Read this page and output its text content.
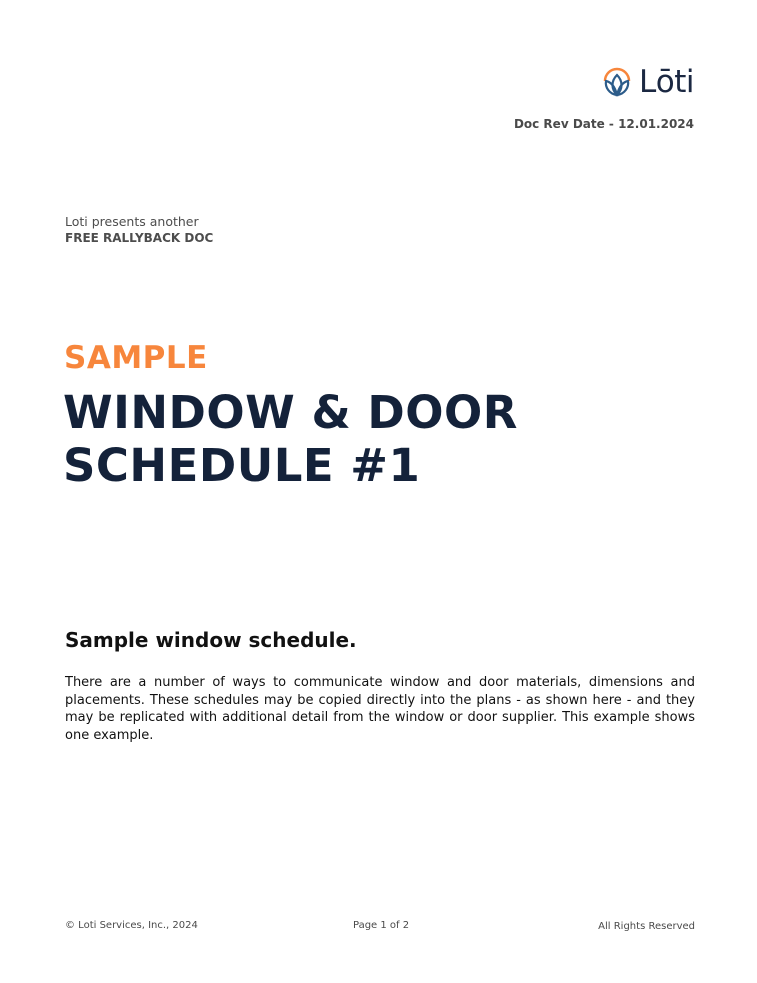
Lōti
Doc Rev Date - 12.01.2024
Loti presents another
FREE RALLYBACK DOC
SAMPLE
WINDOW & DOOR
SCHEDULE #1
Sample window schedule.
There are a number of ways to communicate window and door materials, dimensions and placements. These schedules may be copied directly into the plans - as shown here - and they may be replicated with additional detail from the window or door supplier. This example shows one example.
© Loti Services, Inc., 2024	Page 1 of 2	All Rights Reserved
